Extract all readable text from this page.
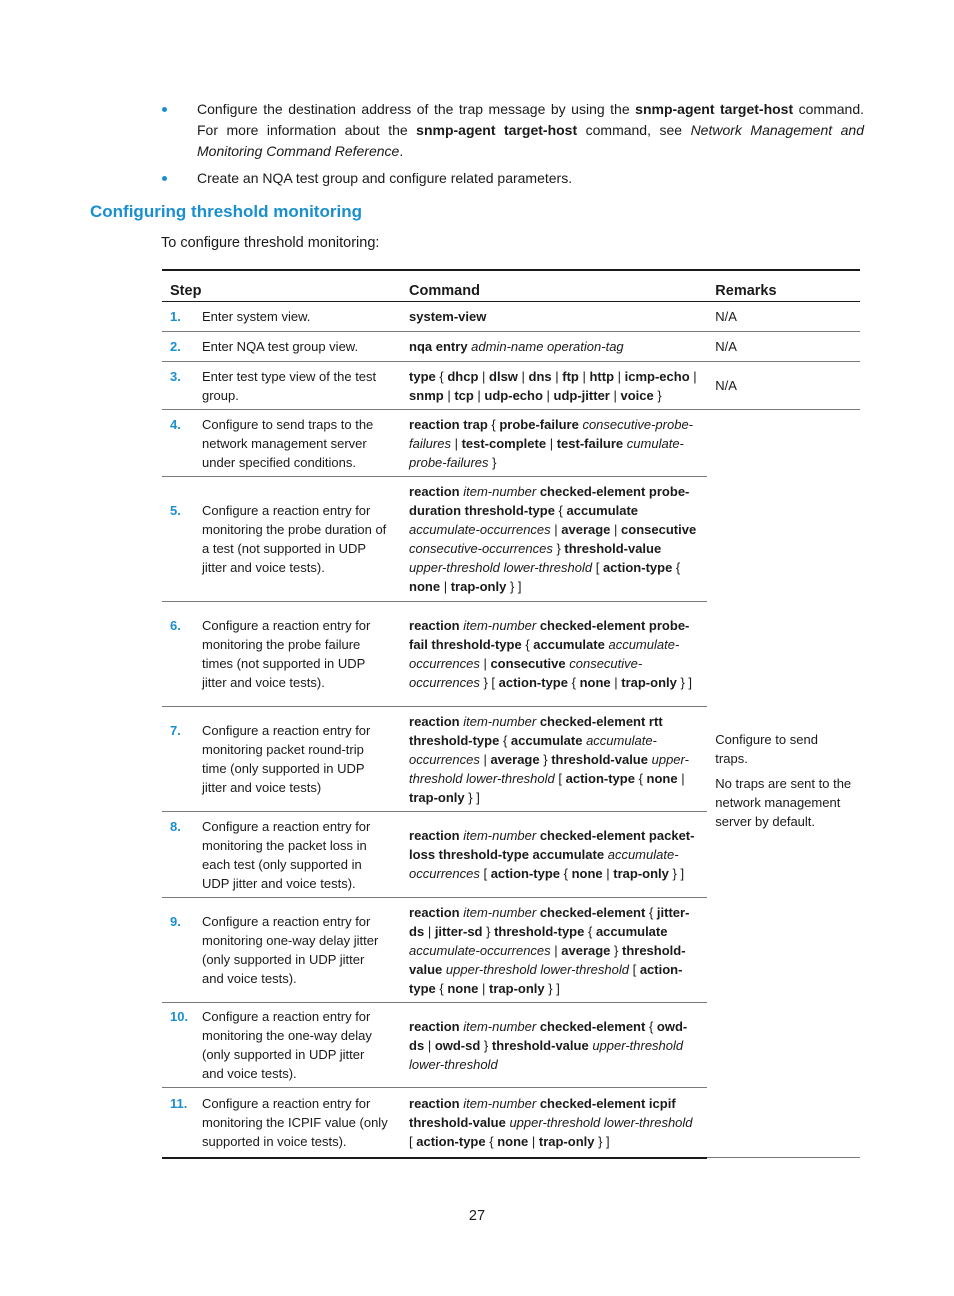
Configure the destination address of the trap message by using the snmp-agent target-host command. For more information about the snmp-agent target-host command, see Network Management and Monitoring Command Reference.
Create an NQA test group and configure related parameters.
Configuring threshold monitoring
To configure threshold monitoring:
Step	Command	Remarks
1. Enter system view.	system-view	N/A
2. Enter NQA test group view.	nqa entry admin-name operation-tag	N/A
3. Enter test type view of the test group.	type { dhcp | dlsw | dns | ftp | http | icmp-echo | snmp | tcp | udp-echo | udp-jitter | voice }	N/A
4. Configure to send traps to the network management server under specified conditions.	reaction trap { probe-failure consecutive-probe-failures | test-complete | test-failure cumulate-probe-failures }	Configure to send traps.

No traps are sent to the network management server by default.

5. Configure a reaction entry for monitoring the probe duration of a test (not supported in UDP jitter and voice tests).	reaction item-number checked-element probe-duration threshold-type { accumulate accumulate-occurrences | average | consecutive consecutive-occurrences } threshold-value upper-threshold lower-threshold [ action-type { none | trap-only } ]	
6. Configure a reaction entry for monitoring the probe failure times (not supported in UDP jitter and voice tests).	reaction item-number checked-element probe-fail threshold-type { accumulate accumulate-occurrences | consecutive consecutive-occurrences } [ action-type { none | trap-only } ]	
7. Configure a reaction entry for monitoring packet round-trip time (only supported in UDP jitter and voice tests)	reaction item-number checked-element rtt threshold-type { accumulate accumulate-occurrences | average } threshold-value upper-threshold lower-threshold [ action-type { none | trap-only } ]	
8. Configure a reaction entry for monitoring the packet loss in each test (only supported in UDP jitter and voice tests).	reaction item-number checked-element packet-loss threshold-type accumulate accumulate-occurrences [ action-type { none | trap-only } ]	
9. Configure a reaction entry for monitoring one-way delay jitter (only supported in UDP jitter and voice tests).	reaction item-number checked-element { jitter-ds | jitter-sd } threshold-type { accumulate accumulate-occurrences | average } threshold-value upper-threshold lower-threshold [ action-type { none | trap-only } ]	
10. Configure a reaction entry for monitoring the one-way delay (only supported in UDP jitter and voice tests).	reaction item-number checked-element { owd-ds | owd-sd } threshold-value upper-threshold lower-threshold	
11. Configure a reaction entry for monitoring the ICPIF value (only supported in voice tests).	reaction item-number checked-element icpif threshold-value upper-threshold lower-threshold [ action-type { none | trap-only } ]	
27
